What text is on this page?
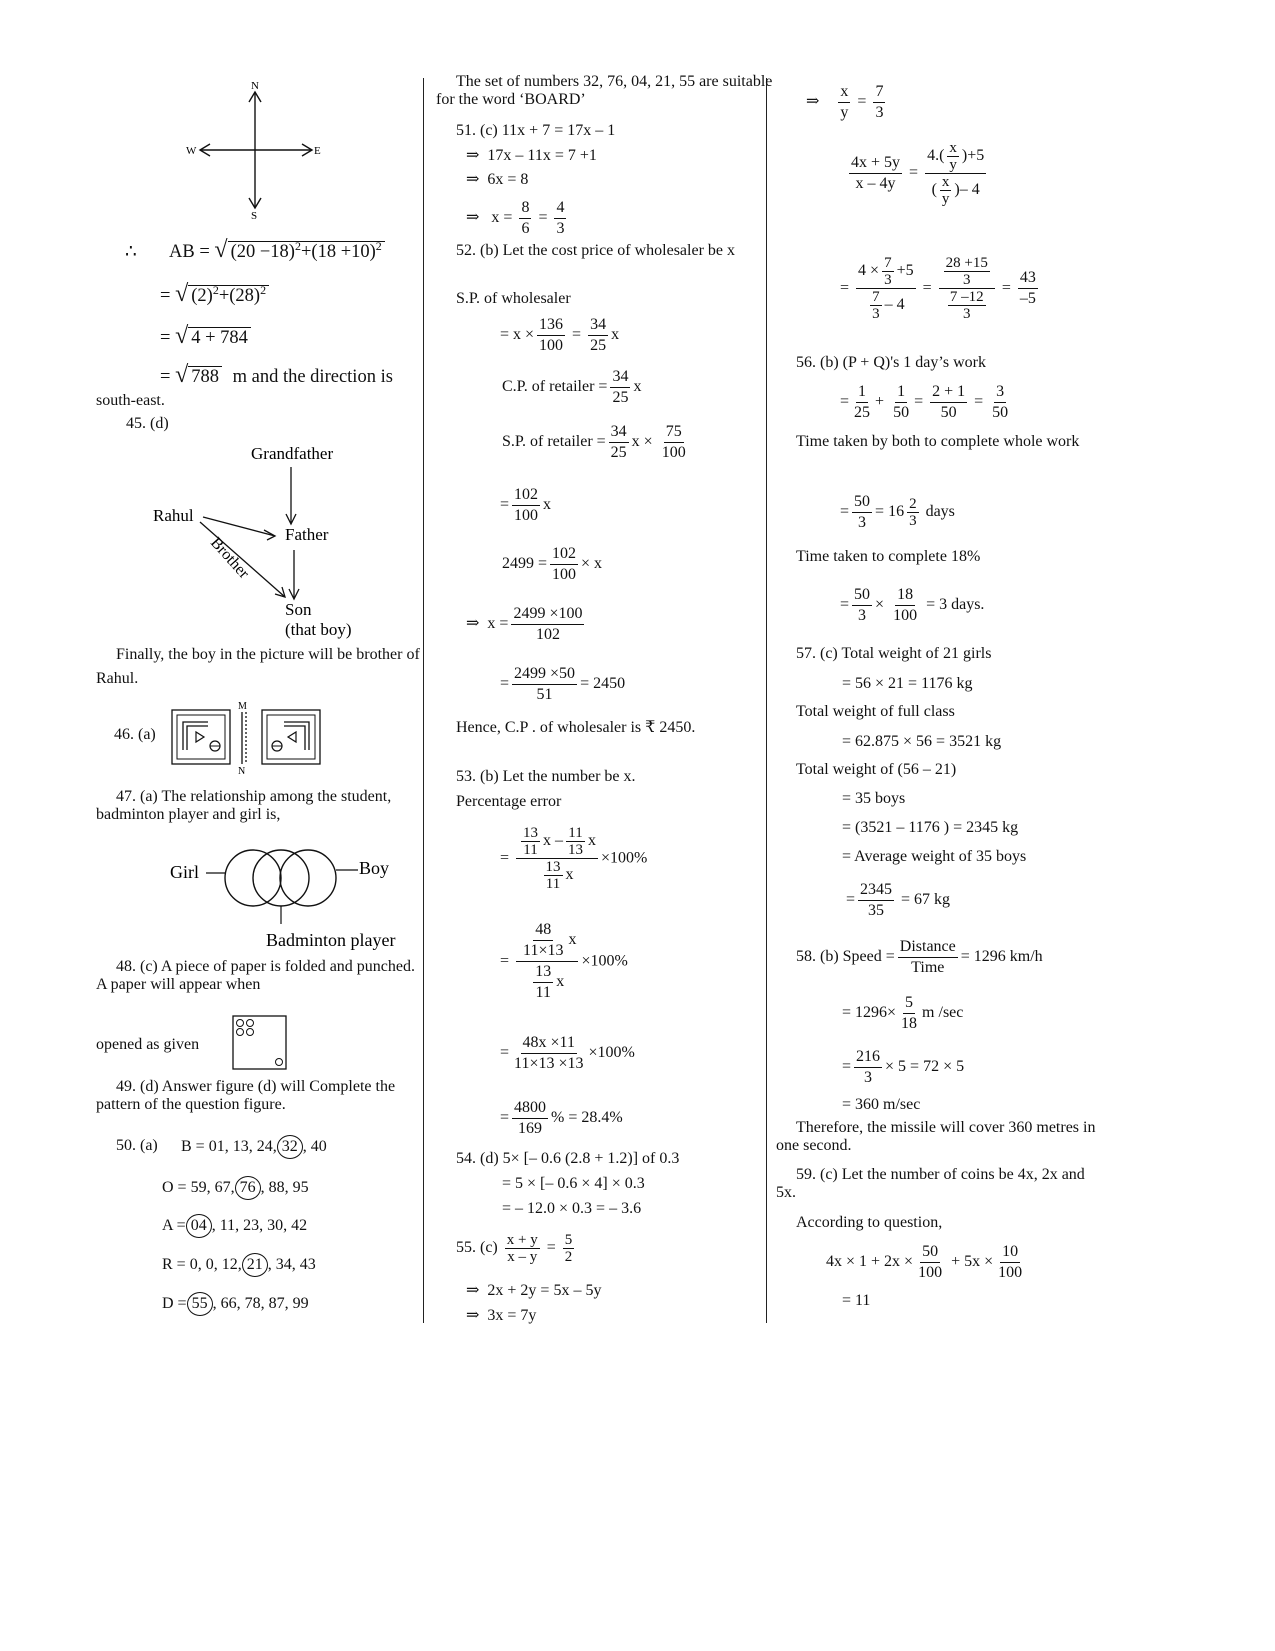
N
S
W	E
∴ AB = √ $(20 -18)^2+(18 +10)^2$
= √ $(2)^2+(28)^2$
= √ 4 + 784
= √ 788 m and the direction is
south-east.
45. (d)
Grandfather
Rahul
Father
Brother
Son
(that boy)
Finally, the boy in the picture will be brother of Rahul.
46. (a)
M
N
47. (a) The relationship among the student, badminton player and girl is,
Girl	Boy
Badminton player
48. (c) A piece of paper is folded and punched. A paper will appear when
opened as given
49. (d) Answer figure (d) will Complete the pattern of the question figure.
50. (a) B = 01, 13, 24, 32 , 40
O = 59, 67, 76 , 88, 95
A = 04 , 11, 23, 30, 42
R = 0, 0, 12, 21 , 34, 43
D = 55 , 66, 78, 87, 99
The set of numbers 32, 76, 04, 21, 55 are suitable for the word ‘BOARD’
51. (c) 11x + 7 = 17x – 1
⇒ 17x – 11x = 7 +1
⇒ 6x = 8
⇒ $x = \frac{8}{6} = \frac{4}{3}$
52. (b) Let the cost price of wholesaler be x
S.P. of wholesaler
= $x \times \frac{136}{100} = \frac{34}{25}$ x
C.P. of retailer = $\frac{34}{25}$ x
S.P. of retailer = $\frac{34}{25}$ $x \times \frac{75}{100}$
= $\frac{102}{100}$ x
$2499 = \frac{102}{100} \times x$
⇒  $x = \frac{2499 \times 100}{102}$
= $\frac{2499 \times 50}{51} = 2450$
Hence, C.P . of wholesaler is ₹ 2450.
53. (b) Let the number be x.
Percentage error
= $\frac{\frac{13}{11} x - \frac{11}{13} x}{\frac{13}{11} x} \times 100\%$
= $\frac{\frac{48}{11\times 13} x}{\frac{13}{11} x} \times 100\%$
= $\frac{48x \times 11}{11\times 13 \times 13} \times 100\%$
= $\frac{4800}{169}$ % = 28.4%
54. (d) 5× [– 0.6 (2.8 + 1.2)] of 0.3
= 5 × [– 0.6 × 4] × 0.3
= – 12.0 × 0.3 = – 3.6
55. $(c) \frac{x + y}{x - y} = \frac{5}{2}$
⇒ 2x + 2y = 5x – 5y
⇒ 3x = 7y
⇒ $\frac{x}{y} = \frac{7}{3}$
$\frac{4x + 5y}{x - 4y} = \frac{4.( \frac{x}{y} )+5}{( \frac{x}{y} )- 4}$
= $\frac{4 \times \frac{7}{3} +5}{\frac{7}{3} - 4} = \frac{\frac{28 +15}{3}}{\frac{7 -12}{3}} = \frac{43}{-5}$
56. (b) (P + Q)'s 1 day’s work
= $\frac{1}{25} + \frac{1}{50} = \frac{2 + 1}{50} = \frac{3}{50}$
Time taken by both to complete whole work
= $\frac{50}{3} = 16 \frac{2}{3}$ days
Time taken to complete 18%
= $\frac{50}{3} \times \frac{18}{100} = 3$ days.
57. (c) Total weight of 21 girls
= 56 × 21 = 1176 kg
Total weight of full class
= 62.875 × 56 = 3521 kg
Total weight of (56 – 21)
= 35 boys
= (3521 – 1176 ) = 2345 kg
= Average weight of 35 boys
= $\frac{2345}{35} = 67$ kg
58. (b) Speed = $\frac{\text{Distance}}{\text{Time}} = 1296$ km/h
= $1296\times \frac{5}{18}$ m /sec
= $\frac{216}{3} \times 5 = 72 \times 5$
= 360 m/sec
Therefore, the missile will cover 360 metres in one second.
59. (c) Let the number of coins be 4x, 2x and 5x.
According to question,
$4x \times 1 + 2x \times \frac{50}{100} + 5x \times \frac{10}{100}$
= 11
